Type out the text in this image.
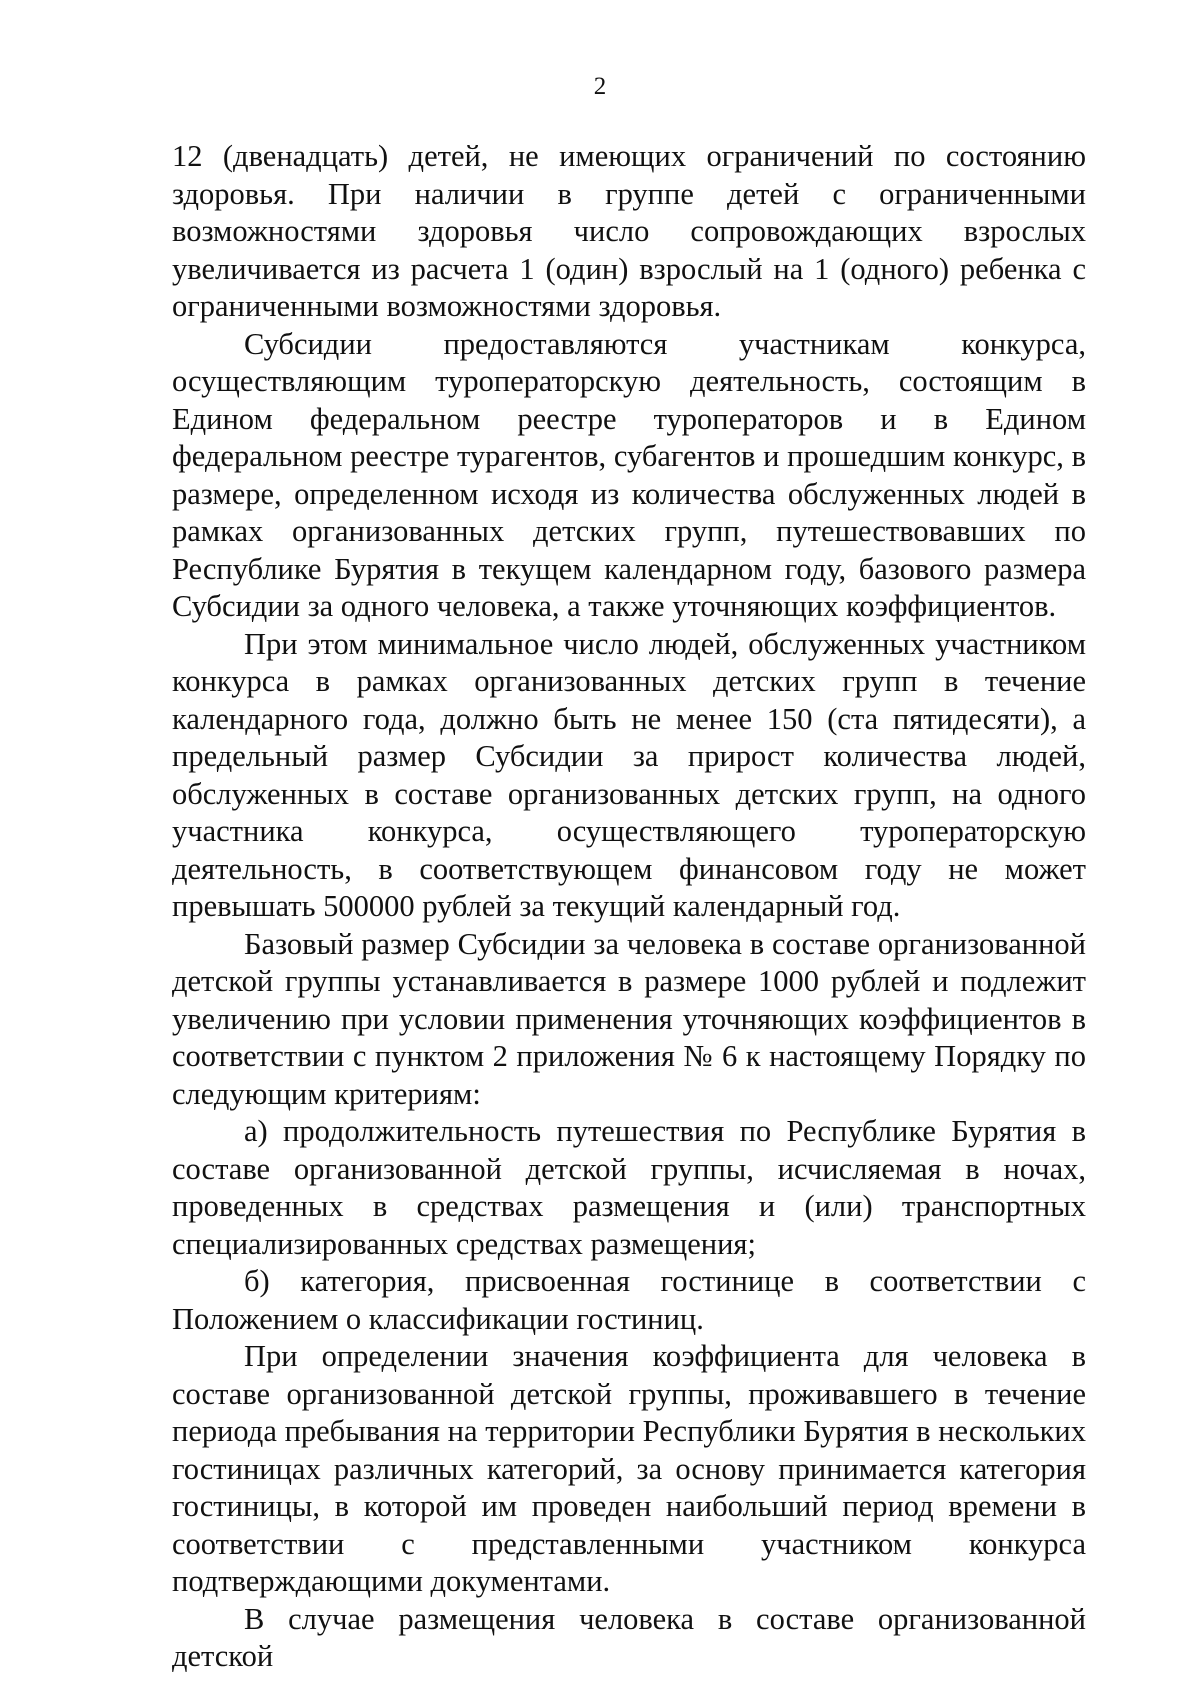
2

12 (двенадцать) детей, не имеющих ограничений по состоянию здоровья. При наличии в группе детей с ограниченными возможностями здоровья число сопровождающих взрослых увеличивается из расчета 1 (один) взрослый на 1 (одного) ребенка с ограниченными возможностями здоровья.

Субсидии предоставляются участникам конкурса, осуществляющим туроператорскую деятельность, состоящим в Едином федеральном реестре туроператоров и в Едином федеральном реестре турагентов, субагентов и прошедшим конкурс, в размере, определенном исходя из количества обслуженных людей в рамках организованных детских групп, путешествовавших по Республике Бурятия в текущем календарном году, базового размера Субсидии за одного человека, а также уточняющих коэффициентов.

При этом минимальное число людей, обслуженных участником конкурса в рамках организованных детских групп в течение календарного года, должно быть не менее 150 (ста пятидесяти), а предельный размер Субсидии за прирост количества людей, обслуженных в составе организованных детских групп, на одного участника конкурса, осуществляющего туроператорскую деятельность, в соответствующем финансовом году не может превышать 500000 рублей за текущий календарный год.

Базовый размер Субсидии за человека в составе организованной детской группы устанавливается в размере 1000 рублей и подлежит увеличению при условии применения уточняющих коэффициентов в соответствии с пунктом 2 приложения № 6 к настоящему Порядку по следующим критериям:

а) продолжительность путешествия по Республике Бурятия в составе организованной детской группы, исчисляемая в ночах, проведенных в средствах размещения и (или) транспортных специализированных средствах размещения;

б) категория, присвоенная гостинице в соответствии с Положением о классификации гостиниц.

При определении значения коэффициента для человека в составе организованной детской группы, проживавшего в течение периода пребывания на территории Республики Бурятия в нескольких гостиницах различных категорий, за основу принимается категория гостиницы, в которой им проведен наибольший период времени в соответствии с представленными участником конкурса подтверждающими документами.

В случае размещения человека в составе организованной детской
